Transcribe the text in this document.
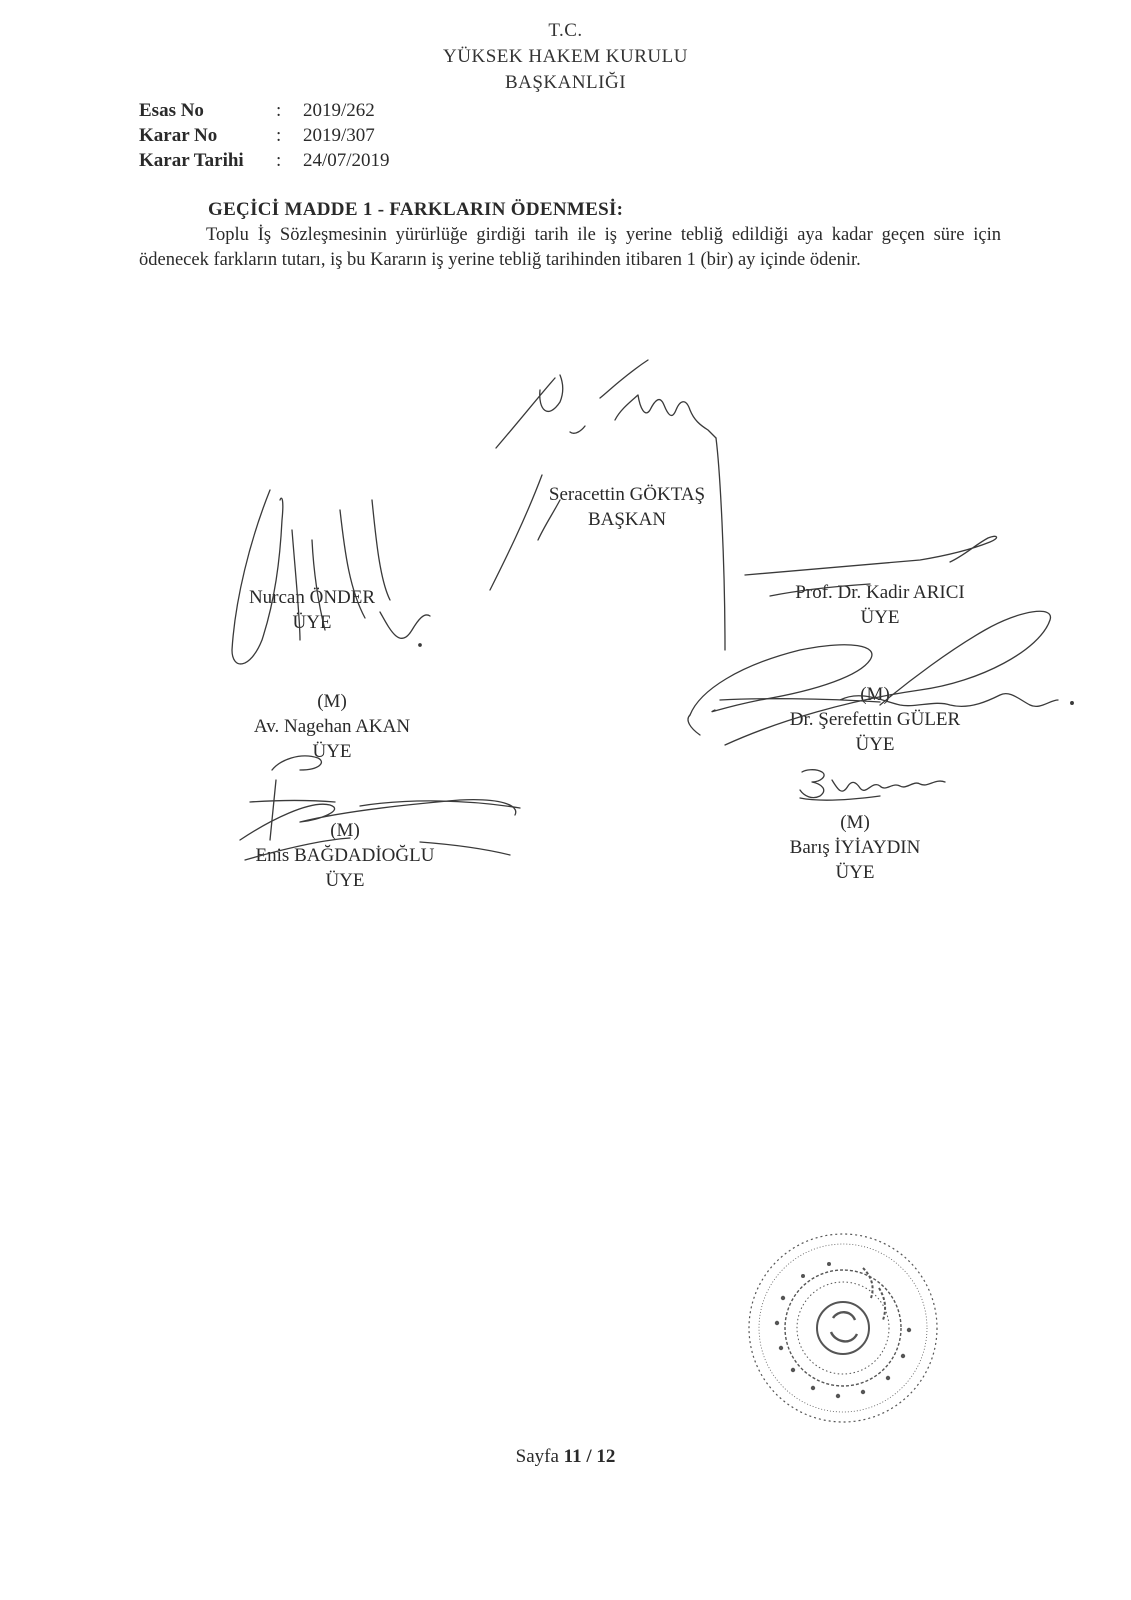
T.C.
YÜKSEK HAKEM KURULU
BAŞKANLIĞI
Esas No	:	2019/262
Karar No	:	2019/307
Karar Tarihi	:	24/07/2019
GEÇİCİ MADDE 1 - FARKLARIN ÖDENMESİ:
Toplu İş Sözleşmesinin yürürlüğe girdiği tarih ile iş yerine tebliğ edildiği aya kadar geçen süre için ödenecek farkların tutarı, iş bu Kararın iş yerine tebliğ tarihinden itibaren 1 (bir) ay içinde ödenir.
Seracettin GÖKTAŞ
BAŞKAN
Nurcan ÖNDER
ÜYE
Prof. Dr. Kadir ARICI
ÜYE
(M)
Av. Nagehan AKAN
ÜYE
(M)
Dr. Şerefettin GÜLER
ÜYE
(M)
Enis BAĞDADİOĞLU
ÜYE
(M)
Barış İYİAYDIN
ÜYE
Sayfa 11 / 12
